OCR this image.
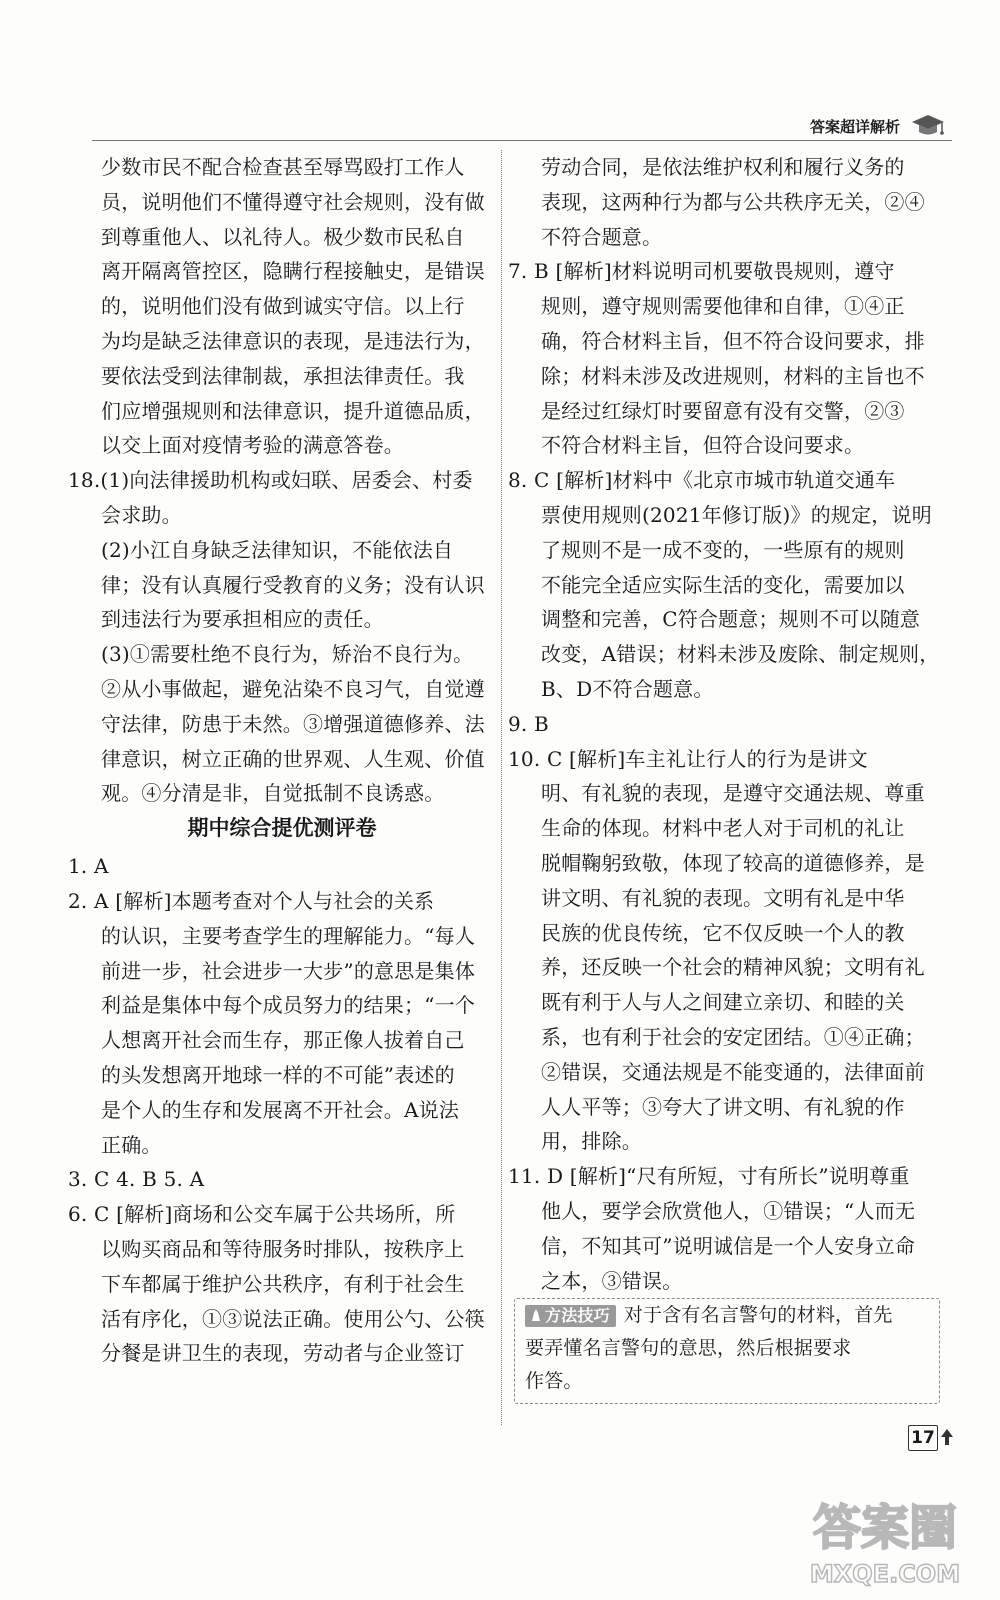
答案超详解析
少数市民不配合检查甚至辱骂殴打工作人
员，说明他们不懂得遵守社会规则，没有做
到尊重他人、以礼待人。极少数市民私自
离开隔离管控区，隐瞒行程接触史，是错误
的，说明他们没有做到诚实守信。以上行
为均是缺乏法律意识的表现，是违法行为，
要依法受到法律制裁，承担法律责任。我
们应增强规则和法律意识，提升道德品质，
以交上面对疫情考验的满意答卷。
18.(1)向法律援助机构或妇联、居委会、村委
会求助。
(2)小江自身缺乏法律知识，不能依法自
律；没有认真履行受教育的义务；没有认识
到违法行为要承担相应的责任。
(3)①需要杜绝不良行为，矫治不良行为。
②从小事做起，避免沾染不良习气，自觉遵
守法律，防患于未然。③增强道德修养、法
律意识，树立正确的世界观、人生观、价值
观。④分清是非，自觉抵制不良诱惑。
期中综合提优测评卷
1. A
2. A [解析]本题考查对个人与社会的关系
的认识，主要考查学生的理解能力。“每人
前进一步，社会进步一大步”的意思是集体
利益是集体中每个成员努力的结果；“一个
人想离开社会而生存，那正像人拔着自己
的头发想离开地球一样的不可能”表述的
是个人的生存和发展离不开社会。A说法
正确。
3. C 4. B 5. A
6. C [解析]商场和公交车属于公共场所，所
以购买商品和等待服务时排队，按秩序上
下车都属于维护公共秩序，有利于社会生
活有序化，①③说法正确。使用公勺、公筷
分餐是讲卫生的表现，劳动者与企业签订
劳动合同，是依法维护权利和履行义务的
表现，这两种行为都与公共秩序无关，②④
不符合题意。
7. B [解析]材料说明司机要敬畏规则，遵守
规则，遵守规则需要他律和自律，①④正
确，符合材料主旨，但不符合设问要求，排
除；材料未涉及改进规则，材料的主旨也不
是经过红绿灯时要留意有没有交警，②③
不符合材料主旨，但符合设问要求。
8. C [解析]材料中《北京市城市轨道交通车
票使用规则(2021年修订版)》的规定，说明
了规则不是一成不变的，一些原有的规则
不能完全适应实际生活的变化，需要加以
调整和完善，C符合题意；规则不可以随意
改变，A错误；材料未涉及废除、制定规则，
B、D不符合题意。
9. B
10. C [解析]车主礼让行人的行为是讲文
明、有礼貌的表现，是遵守交通法规、尊重
生命的体现。材料中老人对于司机的礼让
脱帽鞠躬致敬，体现了较高的道德修养，是
讲文明、有礼貌的表现。文明有礼是中华
民族的优良传统，它不仅反映一个人的教
养，还反映一个社会的精神风貌；文明有礼
既有利于人与人之间建立亲切、和睦的关
系，也有利于社会的安定团结。①④正确；
②错误，交通法规是不能变通的，法律面前
人人平等；③夸大了讲文明、有礼貌的作
用，排除。
11. D [解析]“尺有所短，寸有所长”说明尊重
他人，要学会欣赏他人，①错误；“人而无
信，不知其可”说明诚信是一个人安身立命
之本，③错误。
方法技巧 对于含有名言警句的材料，首先
要弄懂名言警句的意思，然后根据要求
作答。
17
答案圈
MXQE.COM
